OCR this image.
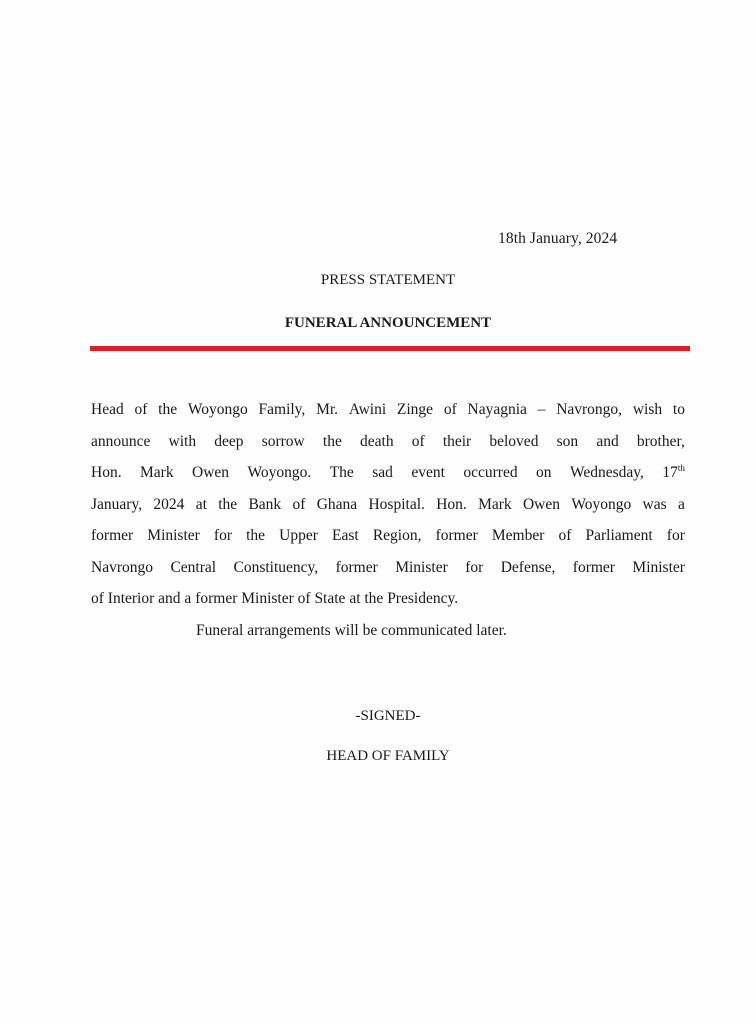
18th January, 2024
PRESS STATEMENT
FUNERAL ANNOUNCEMENT
Head of the Woyongo Family, Mr. Awini Zinge of Nayagnia – Navrongo, wish to
announce with deep sorrow the death of their beloved son and brother,
Hon. Mark Owen Woyongo. The sad event occurred on Wednesday, 17th
January, 2024 at the Bank of Ghana Hospital. Hon. Mark Owen Woyongo was a
former Minister for the Upper East Region, former Member of Parliament for
Navrongo Central Constituency, former Minister for Defense, former Minister
of Interior and a former Minister of State at the Presidency.
Funeral arrangements will be communicated later.
-SIGNED-
HEAD OF FAMILY
